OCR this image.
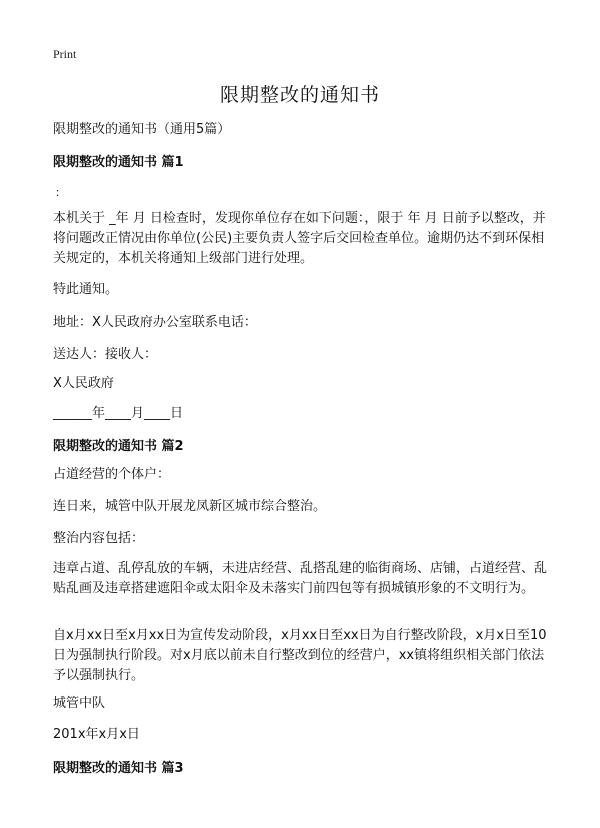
Print
限期整改的通知书

限期整改的通知书（通用5篇）

限期整改的通知书 篇1
：

本机关于 _年 月 日检查时，发现你单位存在如下问题：，限于 年 月 日前予以整改，并将问题改正情况由你单位(公民)主要负责人签字后交回检查单位。逾期仍达不到环保相关规定的，本机关将通知上级部门进行处理。

特此通知。

地址：X人民政府办公室联系电话：

送达人：接收人：

X人民政府

______年____月____日

限期整改的通知书 篇2

占道经营的个体户：

连日来，城管中队开展龙凤新区城市综合整治。

整治内容包括：

违章占道、乱停乱放的车辆，未进店经营、乱搭乱建的临街商场、店铺，占道经营、乱贴乱画及违章搭建遮阳伞或太阳伞及未落实门前四包等有损城镇形象的不文明行为。

自x月xx日至x月xx日为宣传发动阶段，x月xx日至xx日为自行整改阶段，x月x日至10日为强制执行阶段。对x月底以前未自行整改到位的经营户，xx镇将组织相关部门依法予以强制执行。

城管中队

201x年x月x日

限期整改的通知书 篇3
